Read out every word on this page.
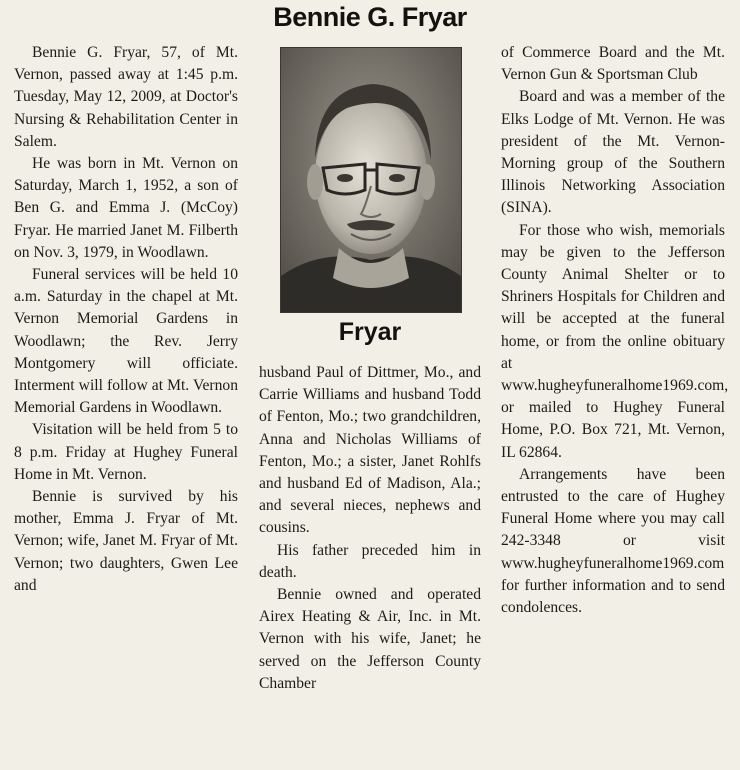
Bennie G. Fryar

Bennie G. Fryar, 57, of Mt. Vernon, passed away at 1:45 p.m. Tuesday, May 12, 2009, at Doctor's Nursing & Rehabilitation Center in Salem.

He was born in Mt. Vernon on Saturday, March 1, 1952, a son of Ben G. and Emma J. (McCoy) Fryar. He married Janet M. Filberth on Nov. 3, 1979, in Woodlawn.

Funeral services will be held 10 a.m. Saturday in the chapel at Mt. Vernon Memorial Gardens in Woodlawn; the Rev. Jerry Montgomery will officiate. Interment will follow at Mt. Vernon Memorial Gardens in Woodlawn.

Visitation will be held from 5 to 8 p.m. Friday at Hughey Funeral Home in Mt. Vernon.

Bennie is survived by his mother, Emma J. Fryar of Mt. Vernon; wife, Janet M. Fryar of Mt. Vernon; two daughters, Gwen Lee and

Fryar

husband Paul of Dittmer, Mo., and Carrie Williams and husband Todd of Fenton, Mo.; two grandchildren, Anna and Nicholas Williams of Fenton, Mo.; a sister, Janet Rohlfs and husband Ed of Madison, Ala.; and several nieces, nephews and cousins.

His father preceded him in death.

Bennie owned and operated Airex Heating & Air, Inc. in Mt. Vernon with his wife, Janet; he served on the Jefferson County Chamber

of Commerce Board and the Mt. Vernon Gun & Sportsman Club

Board and was a member of the Elks Lodge of Mt. Vernon. He was president of the Mt. Vernon-Morning group of the Southern Illinois Networking Association (SINA).

For those who wish, memorials may be given to the Jefferson County Animal Shelter or to Shriners Hospitals for Children and will be accepted at the funeral home, or from the online obituary at www.hugheyfuneralhome1969.com, or mailed to Hughey Funeral Home, P.O. Box 721, Mt. Vernon, IL 62864.

Arrangements have been entrusted to the care of Hughey Funeral Home where you may call 242-3348 or visit www.hugheyfuneralhome1969.com for further information and to send condolences.
